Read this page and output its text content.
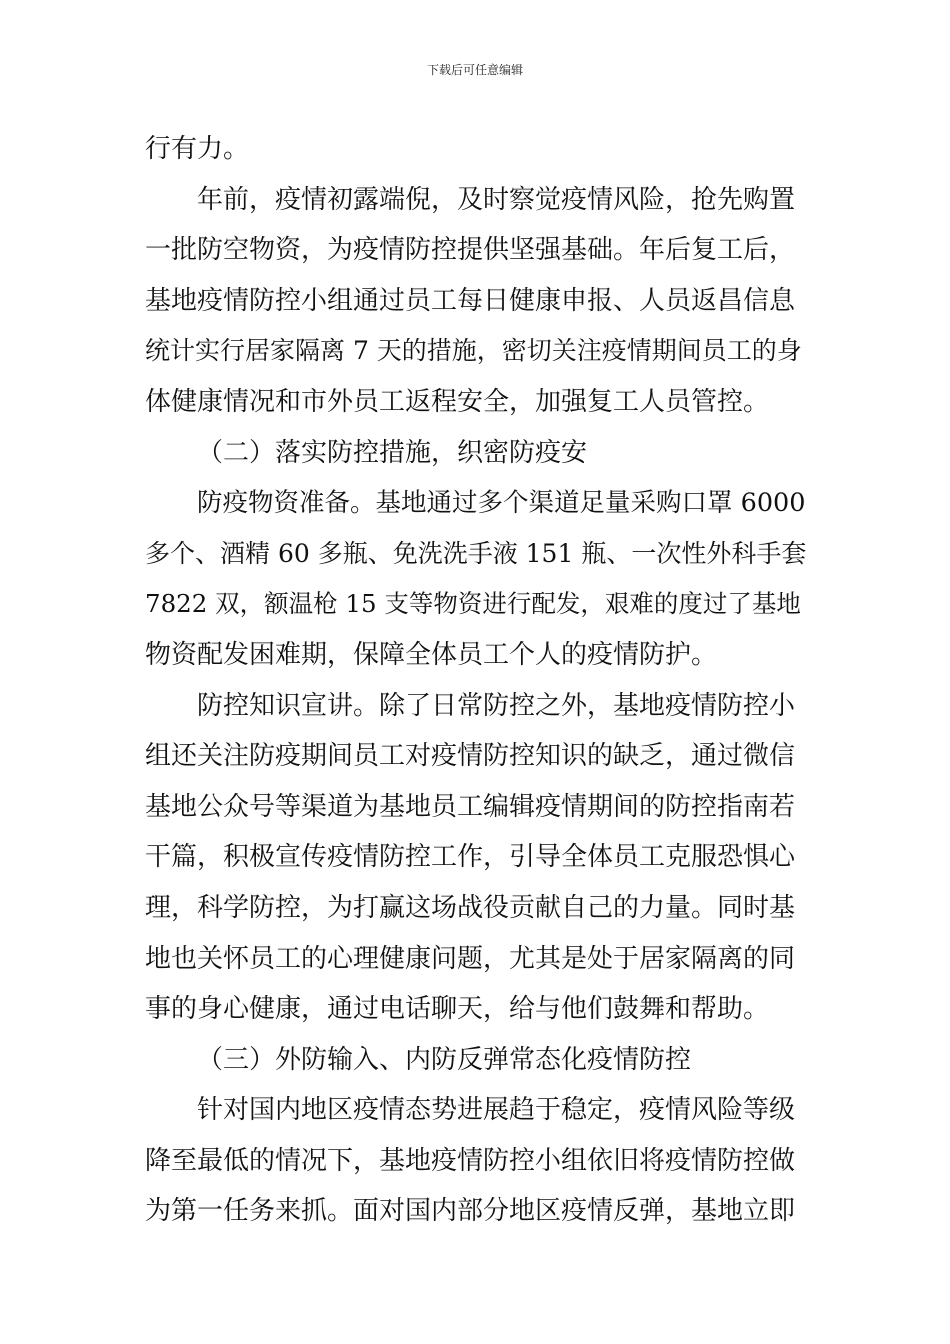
下载后可任意编辑
行有力。
年前，疫情初露端倪，及时察觉疫情风险，抢先购置
一批防空物资，为疫情防控提供坚强基础。年后复工后，
基地疫情防控小组通过员工每日健康申报、人员返昌信息
统计实行居家隔离 7 天的措施，密切关注疫情期间员工的身
体健康情况和市外员工返程安全，加强复工人员管控。
（二）落实防控措施，织密防疫安
防疫物资准备。基地通过多个渠道足量采购口罩 6000
多个、酒精 60 多瓶、免洗洗手液 151 瓶、一次性外科手套
7822 双，额温枪 15 支等物资进行配发，艰难的度过了基地
物资配发困难期，保障全体员工个人的疫情防护。
防控知识宣讲。除了日常防控之外，基地疫情防控小
组还关注防疫期间员工对疫情防控知识的缺乏，通过微信
基地公众号等渠道为基地员工编辑疫情期间的防控指南若
干篇，积极宣传疫情防控工作，引导全体员工克服恐惧心
理，科学防控，为打赢这场战役贡献自己的力量。同时基
地也关怀员工的心理健康问题，尤其是处于居家隔离的同
事的身心健康，通过电话聊天，给与他们鼓舞和帮助。
（三）外防输入、内防反弹常态化疫情防控
针对国内地区疫情态势进展趋于稳定，疫情风险等级
降至最低的情况下，基地疫情防控小组依旧将疫情防控做
为第一任务来抓。面对国内部分地区疫情反弹，基地立即
